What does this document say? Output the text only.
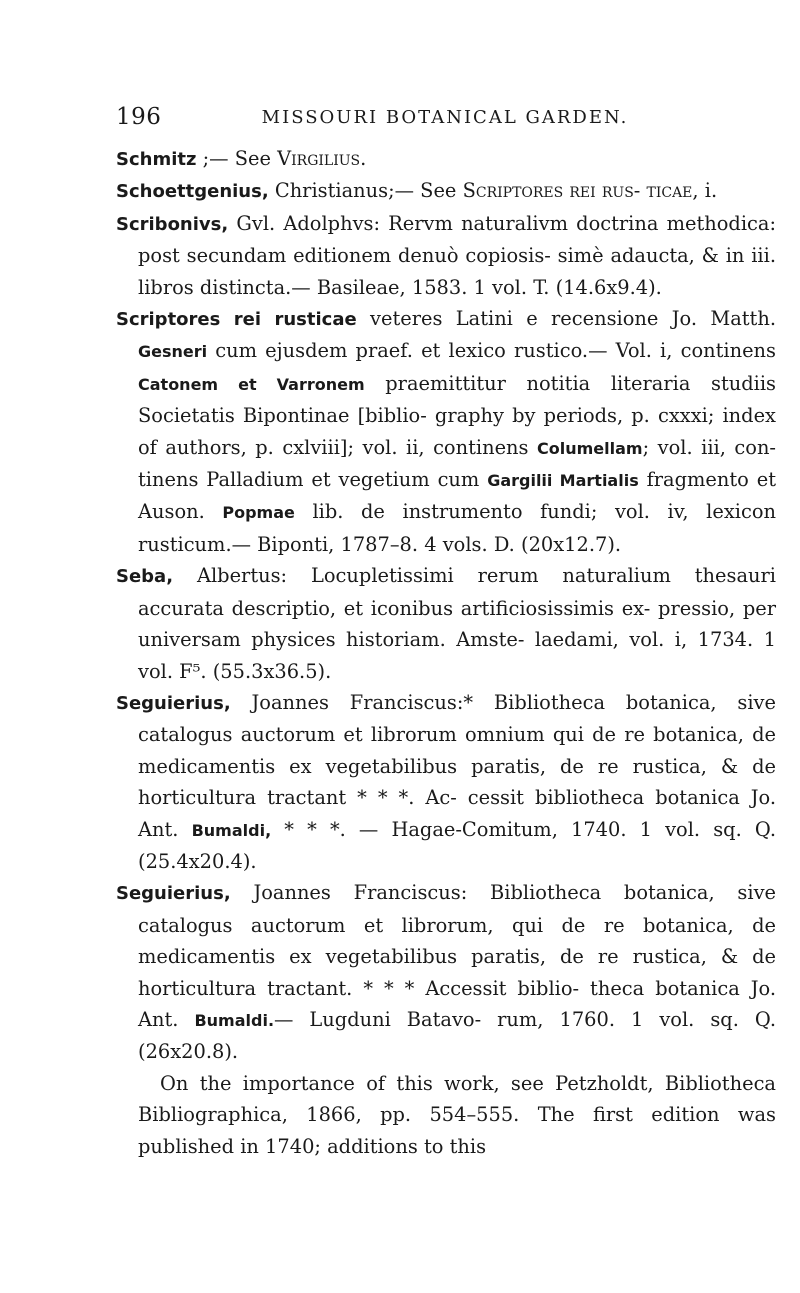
196	MISSOURI BOTANICAL GARDEN.

Schmitz ;— See Virgilius.

Schoettgenius, Christianus;— See Scriptores rei rus- ticae, i.

Scribonivs, Gvl. Adolphvs: Rervm naturalivm doctrina methodica: post secundam editionem denuò copiosis- simè adaucta, & in iii. libros distincta.— Basileae, 1583. 1 vol. T. (14.6x9.4).

Scriptores rei rusticae veteres Latini e recensione Jo. Matth. Gesneri cum ejusdem praef. et lexico rustico.— Vol. i, continens Catonem et Varronem praemittitur notitia literaria studiis Societatis Bipontinae [biblio- graphy by periods, p. cxxxi; index of authors, p. cxlviii]; vol. ii, continens Columellam; vol. iii, con- tinens Palladium et vegetium cum Gargilii Martialis fragmento et Auson. Popmae lib. de instrumento fundi; vol. iv, lexicon rusticum.— Biponti, 1787–8. 4 vols. D. (20x12.7).

Seba, Albertus: Locupletissimi rerum naturalium thesauri accurata descriptio, et iconibus artificiosissimis ex- pressio, per universam physices historiam. Amste- laedami, vol. i, 1734. 1 vol. F⁵. (55.3x36.5).

Seguierius, Joannes Franciscus:* Bibliotheca botanica, sive catalogus auctorum et librorum omnium qui de re botanica, de medicamentis ex vegetabilibus paratis, de re rustica, & de horticultura tractant * * *. Ac- cessit bibliotheca botanica Jo. Ant. Bumaldi, * * *. — Hagae-Comitum, 1740. 1 vol. sq. Q. (25.4x20.4).

Seguierius, Joannes Franciscus: Bibliotheca botanica, sive catalogus auctorum et librorum, qui de re botanica, de medicamentis ex vegetabilibus paratis, de re rustica, & de horticultura tractant. * * * Accessit biblio- theca botanica Jo. Ant. Bumaldi.— Lugduni Batavo- rum, 1760. 1 vol. sq. Q. (26x20.8).

On the importance of this work, see Petzholdt, Bibliotheca Bibliographica, 1866, pp. 554–555. The first edition was published in 1740; additions to this
